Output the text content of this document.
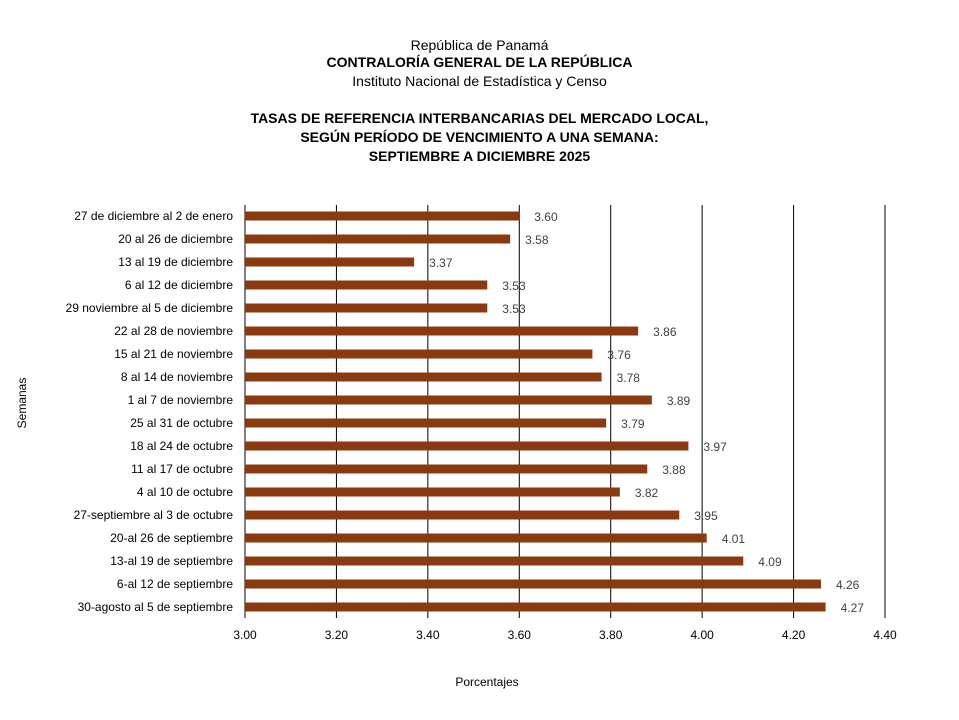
República de Panamá
CONTRALORÍA GENERAL DE LA REPÚBLICA
Instituto Nacional de Estadística y Censo
TASAS DE REFERENCIA INTERBANCARIAS DEL MERCADO LOCAL,
SEGÚN PERÍODO DE VENCIMIENTO A UNA SEMANA:
SEPTIEMBRE A DICIEMBRE 2025
27 de diciembre al 2 de enero
20 al 26 de diciembre
13 al 19 de diciembre
6 al 12 de diciembre
29 noviembre al 5 de diciembre
22 al 28 de noviembre
15 al 21 de noviembre
8 al 14 de noviembre
1 al 7 de noviembre
25 al 31 de octubre
18 al 24 de octubre
11 al 17 de octubre
4 al 10 de octubre
27-septiembre al 3 de octubre
20-al 26 de septiembre
13-al 19 de septiembre
6-al 12 de septiembre
30-agosto al 5 de septiembre
3.60
3.58
3.37
3.53
3.53
3.86
3.76
3.78
3.89
3.79
3.97
3.88
3.82
3.95
4.01
4.09
4.26
4.27
3.00	3.20	3.40	3.60	3.80	4.00	4.20	4.40
Porcentajes
Semanas
